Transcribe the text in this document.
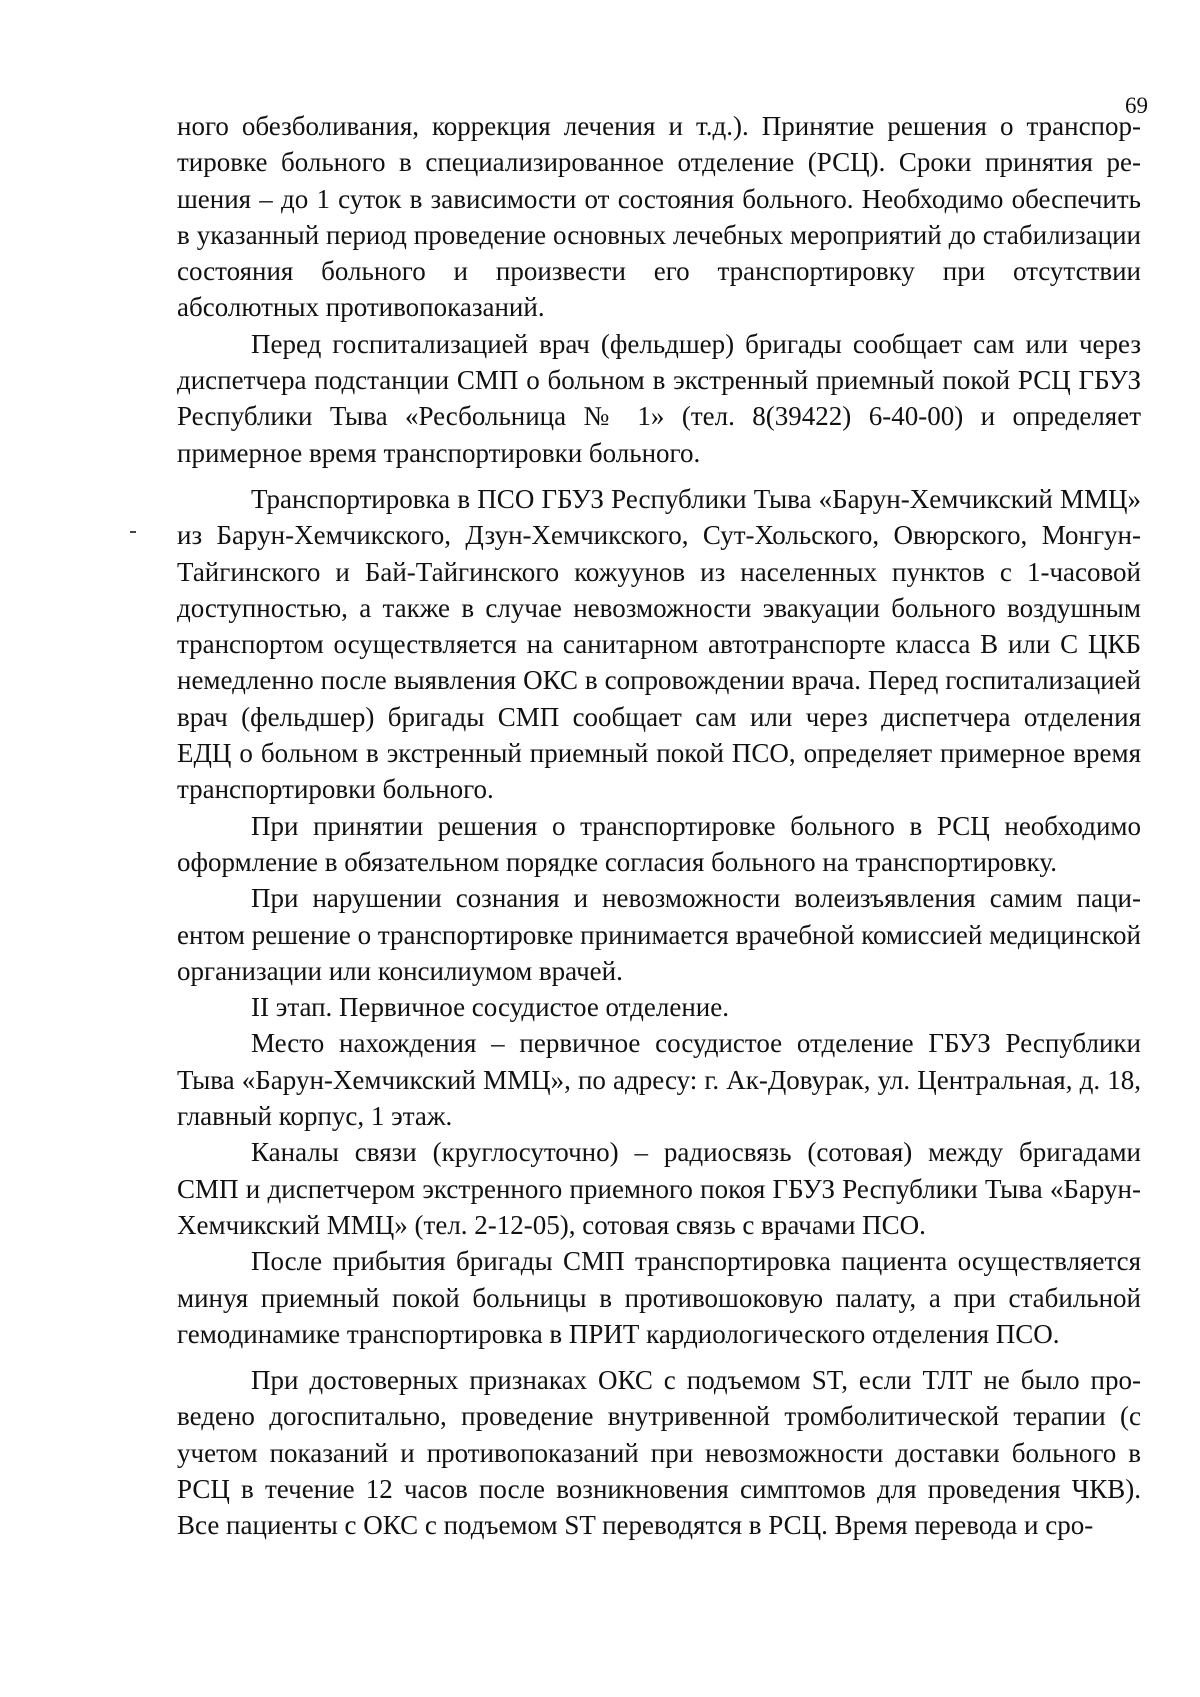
69

ного обезболивания, коррекция лечения и т.д.). Принятие решения о транспортировке больного в специализированное отделение (РСЦ). Сроки принятия решения – до 1 суток в зависимости от состояния больного. Необходимо обеспечить в указанный период проведение основных лечебных мероприятий до стабилизации состояния больного и произвести его транспортировку при отсутствии абсолютных противопоказаний.

Перед госпитализацией врач (фельдшер) бригады сообщает сам или через диспетчера подстанции СМП о больном в экстренный приемный покой РСЦ ГБУЗ Республики Тыва «Ресбольница № 1» (тел. 8(39422) 6-40-00) и определяет примерное время транспортировки больного.

Транспортировка в ПСО ГБУЗ Республики Тыва «Барун-Хемчикский ММЦ» из Барун-Хемчикского, Дзун-Хемчикского, Сут-Хольского, Овюрского, Монгун-Тайгинского и Бай-Тайгинского кожуунов из населенных пунктов с 1-часовой доступностью, а также в случае невозможности эвакуации больного воздушным транспортом осуществляется на санитарном автотранспорте класса В или С ЦКБ немедленно после выявления ОКС в сопровождении врача. Перед госпитализацией врач (фельдшер) бригады СМП сообщает сам или через диспетчера отделения ЕДЦ о больном в экстренный приемный покой ПСО, определяет примерное время транспортировки больного.

При принятии решения о транспортировке больного в РСЦ необходимо оформление в обязательном порядке согласия больного на транспортировку.

При нарушении сознания и невозможности волеизъявления самим пациентом решение о транспортировке принимается врачебной комиссией медицинской организации или консилиумом врачей.

II этап. Первичное сосудистое отделение.

Место нахождения – первичное сосудистое отделение ГБУЗ Республики Тыва «Барун-Хемчикский ММЦ», по адресу: г. Ак-Довурак, ул. Центральная, д. 18, главный корпус, 1 этаж.

Каналы связи (круглосуточно) – радиосвязь (сотовая) между бригадами СМП и диспетчером экстренного приемного покоя ГБУЗ Республики Тыва «Барун-Хемчикский ММЦ» (тел. 2-12-05), сотовая связь с врачами ПСО.

После прибытия бригады СМП транспортировка пациента осуществляется минуя приемный покой больницы в противошоковую палату, а при стабильной гемодинамике транспортировка в ПРИТ кардиологического отделения ПСО.

При достоверных признаках ОКС с подъемом ST, если ТЛТ не было проведено догоспитально, проведение внутривенной тромболитической терапии (с учетом показаний и противопоказаний при невозможности доставки больного в РСЦ в течение 12 часов после возникновения симптомов для проведения ЧКВ). Все пациенты с ОКС с подъемом ST переводятся в РСЦ. Время перевода и сро-
